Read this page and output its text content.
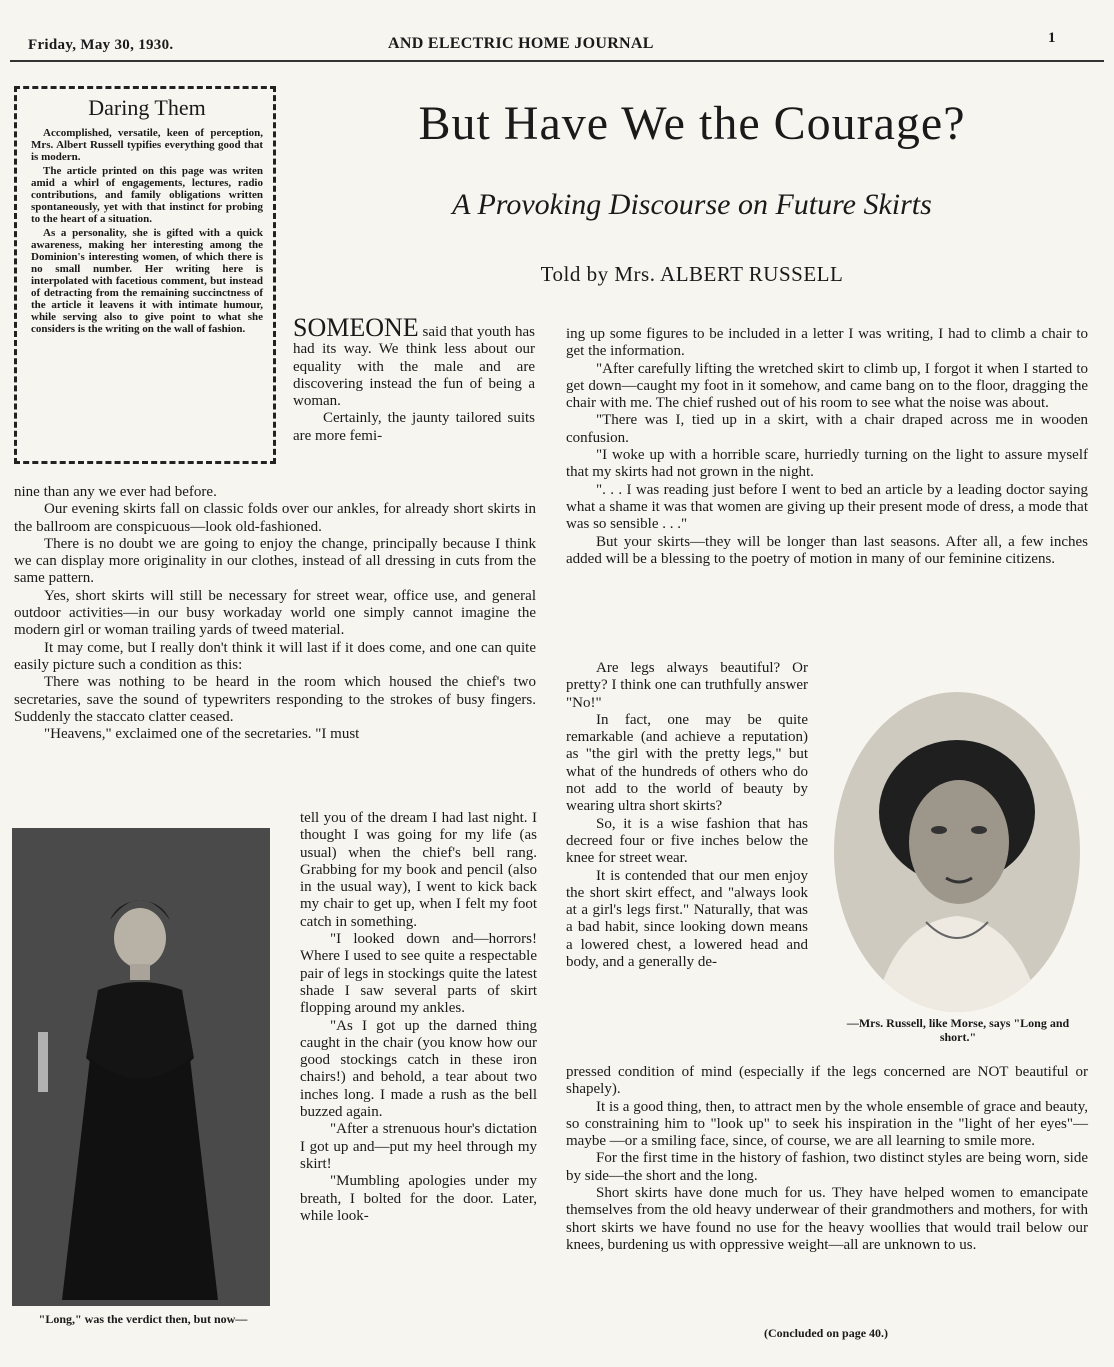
Friday, May 30, 1930.	AND ELECTRIC HOME JOURNAL	1
Daring Them

Accomplished, versatile, keen of perception, Mrs. Albert Russell typifies everything good that is modern.

The article printed on this page was writen amid a whirl of engagements, lectures, radio contributions, and family obligations written spontaneously, yet with that instinct for probing to the heart of a situation.

As a personality, she is gifted with a quick awareness, making her interesting among the Dominion's interesting women, of which there is no small number. Her writing here is interpolated with facetious comment, but instead of detracting from the remaining succinctness of the article it leavens it with intimate humour, while serving also to give point to what she considers is the writing on the wall of fashion.

But Have We the Courage?
A Provoking Discourse on Future Skirts
Told by Mrs. ALBERT RUSSELL

SOMEONE said that youth has had its way. We think less about our equality with the male and are discovering instead the fun of being a woman.

Certainly, the jaunty tailored suits are more femi-

nine than any we ever had before.

Our evening skirts fall on classic folds over our ankles, for already short skirts in the ballroom are conspicuous—look old-fashioned.

There is no doubt we are going to enjoy the change, principally because I think we can display more originality in our clothes, instead of all dressing in cuts from the same pattern.

Yes, short skirts will still be necessary for street wear, office use, and general outdoor activities—in our busy workaday world one simply cannot imagine the modern girl or woman trailing yards of tweed material.

It may come, but I really don't think it will last if it does come, and one can quite easily picture such a condition as this:

There was nothing to be heard in the room which housed the chief's two secretaries, save the sound of typewriters responding to the strokes of busy fingers. Suddenly the staccato clatter ceased.

"Heavens," exclaimed one of the secretaries. "I must

"Long," was the verdict then, but now—

tell you of the dream I had last night. I thought I was going for my life (as usual) when the chief's bell rang. Grabbing for my book and pencil (also in the usual way), I went to kick back my chair to get up, when I felt my foot catch in something.

"I looked down and—horrors! Where I used to see quite a respectable pair of legs in stockings quite the latest shade I saw several parts of skirt flopping around my ankles.

"As I got up the darned thing caught in the chair (you know how our good stockings catch in these iron chairs!) and behold, a tear about two inches long. I made a rush as the bell buzzed again.

"After a strenuous hour's dictation I got up and—put my heel through my skirt!

"Mumbling apologies under my breath, I bolted for the door. Later, while look-

ing up some figures to be included in a letter I was writing, I had to climb a chair to get the information.

"After carefully lifting the wretched skirt to climb up, I forgot it when I started to get down—caught my foot in it somehow, and came bang on to the floor, dragging the chair with me. The chief rushed out of his room to see what the noise was about.

"There was I, tied up in a skirt, with a chair draped across me in wooden confusion.

"I woke up with a horrible scare, hurriedly turning on the light to assure myself that my skirts had not grown in the night.

". . . I was reading just before I went to bed an article by a leading doctor saying what a shame it was that women are giving up their present mode of dress, a mode that was so sensible . . ."

But your skirts—they will be longer than last seasons. After all, a few inches added will be a blessing to the poetry of motion in many of our feminine citizens.

Are legs always beautiful? Or pretty? I think one can truthfully answer "No!"

In fact, one may be quite remarkable (and achieve a reputation) as "the girl with the pretty legs," but what of the hundreds of others who do not add to the world of beauty by wearing ultra short skirts?

So, it is a wise fashion that has decreed four or five inches below the knee for street wear.

It is contended that our men enjoy the short skirt effect, and "always look at a girl's legs first." Naturally, that was a bad habit, since looking down means a lowered chest, a lowered head and body, and a generally de-

—Mrs. Russell, like Morse, says "Long and short."

pressed condition of mind (especially if the legs concerned are NOT beautiful or shapely).

It is a good thing, then, to attract men by the whole ensemble of grace and beauty, so constraining him to "look up" to seek his inspiration in the "light of her eyes"—maybe —or a smiling face, since, of course, we are all learning to smile more.

For the first time in the history of fashion, two distinct styles are being worn, side by side—the short and the long.

Short skirts have done much for us. They have helped women to emancipate themselves from the old heavy underwear of their grandmothers and mothers, for with short skirts we have found no use for the heavy woollies that would trail below our knees, burdening us with oppressive weight—all are unknown to us.

(Concluded on page 40.)
